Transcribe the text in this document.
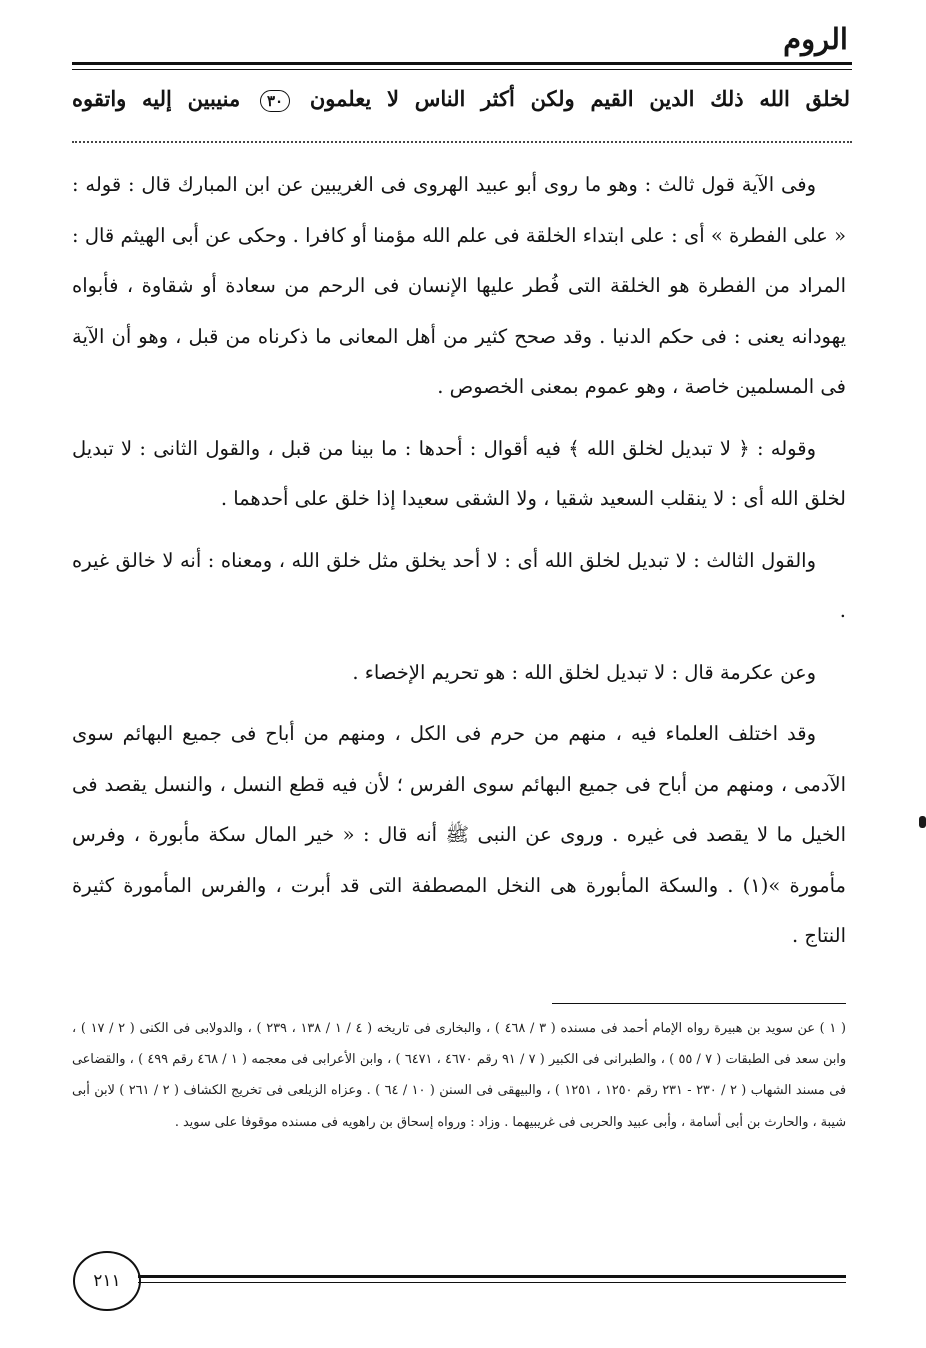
الروم
لخلق الله ذلك الدين القيم ولكن أكثر الناس لا يعلمون ٣٠ منيبين إليه واتقوه

وفى الآية قول ثالث : وهو ما روى أبو عبيد الهروى فى الغريبين عن ابن المبارك قال : قوله : « على الفطرة » أى : على ابتداء الخلقة فى علم الله مؤمنا أو كافرا . وحكى عن أبى الهيثم قال : المراد من الفطرة هو الخلقة التى فُطر عليها الإنسان فى الرحم من سعادة أو شقاوة ، فأبواه يهودانه يعنى : فى حكم الدنيا . وقد صحح كثير من أهل المعانى ما ذكرناه من قبل ، وهو أن الآية فى المسلمين خاصة ، وهو عموم بمعنى الخصوص .

وقوله : ﴿ لا تبديل لخلق الله ﴾ فيه أقوال : أحدها : ما بينا من قبل ، والقول الثانى : لا تبديل لخلق الله أى : لا ينقلب السعيد شقيا ، ولا الشقى سعيدا إذا خلق على أحدهما .

والقول الثالث : لا تبديل لخلق الله أى : لا أحد يخلق مثل خلق الله ، ومعناه : أنه لا خالق غيره .

وعن عكرمة قال : لا تبديل لخلق الله : هو تحريم الإخصاء .

وقد اختلف العلماء فيه ، منهم من حرم فى الكل ، ومنهم من أباح فى جميع البهائم سوى الآدمى ، ومنهم من أباح فى جميع البهائم سوى الفرس ؛ لأن فيه قطع النسل ، والنسل يقصد فى الخيل ما لا يقصد فى غيره . وروى عن النبى ﷺ أنه قال : « خير المال سكة مأبورة ، وفرس مأمورة »(١) . والسكة المأبورة هى النخل المصطفة التى قد أبرت ، والفرس المأمورة كثيرة النتاج .

( ١ ) عن سويد بن هبيرة رواه الإمام أحمد فى مسنده ( ٣ / ٤٦٨ ) ، والبخارى فى تاريخه ( ٤ / ١ / ١٣٨ ، ٢٣٩ ) ، والدولابى فى الكنى ( ٢ / ١٧ ) ، وابن سعد فى الطبقات ( ٧ / ٥٥ ) ، والطبرانى فى الكبير ( ٧ / ٩١ رقم ٤٦٧٠ ، ٦٤٧١ ) ، وابن الأعرابى فى معجمه ( ١ / ٤٦٨ رقم ٤٩٩ ) ، والقضاعى فى مسند الشهاب ( ٢ / ٢٣٠ - ٢٣١ رقم ١٢٥٠ ، ١٢٥١ ) ، والبيهقى فى السنن ( ١٠ / ٦٤ ) . وعزاه الزيلعى فى تخريج الكشاف ( ٢ / ٢٦١ ) لابن أبى شيبة ، والحارث بن أبى أسامة ، وأبى عبيد والحربى فى غريبيهما . وزاد : ورواه إسحاق بن راهويه فى مسنده موقوفا على سويد .

٢١١
